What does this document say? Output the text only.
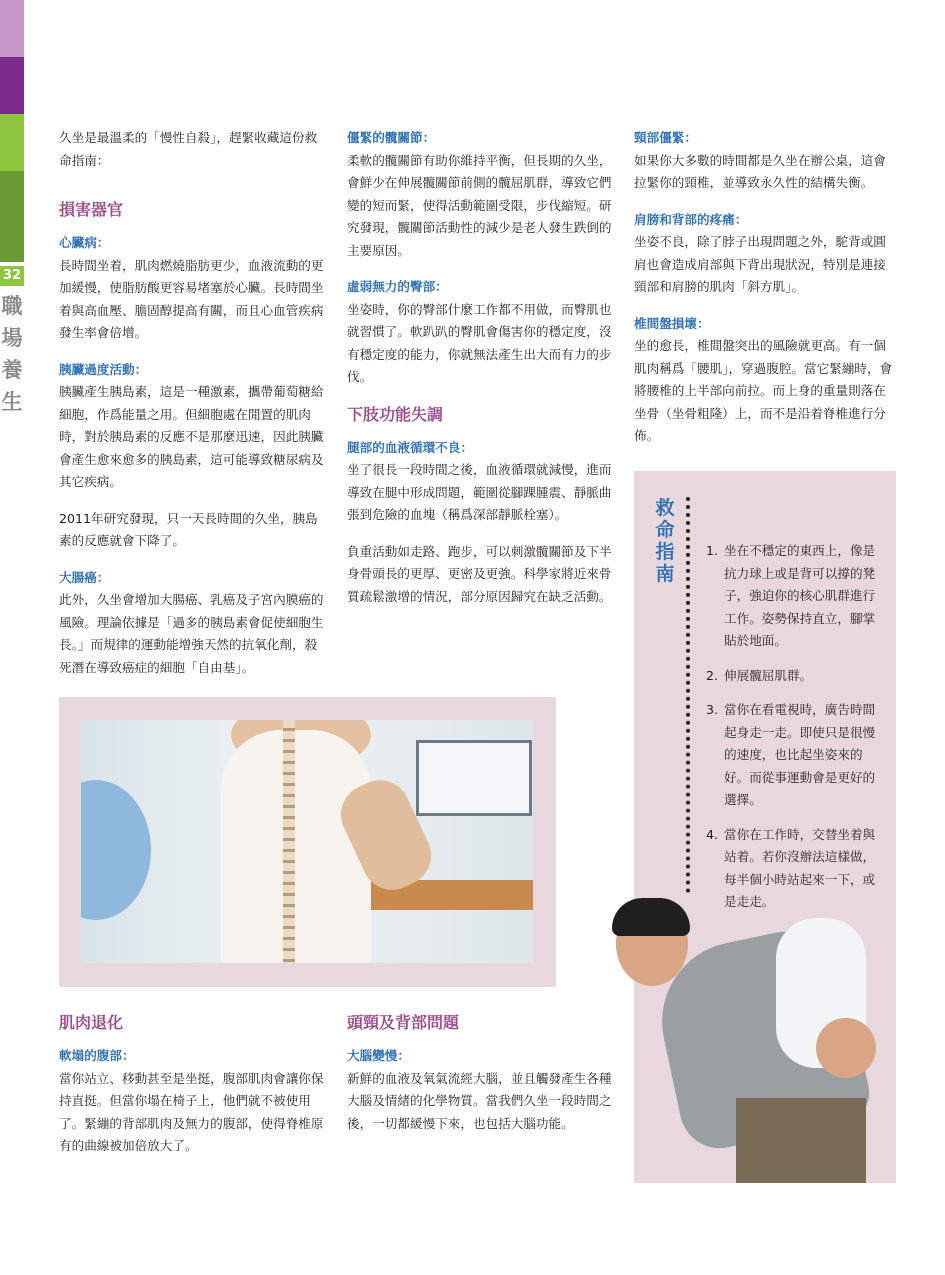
32
職場養生

久坐是最溫柔的「慢性自殺」，趕緊收藏這份救命指南：

損害器官
心臟病：

長時間坐着，肌肉燃燒脂肪更少，血液流動的更加緩慢，使脂肪酸更容易堵塞於心臟。長時間坐着與高血壓、膽固醇提高有關，而且心血管疾病發生率會倍增。

胰臟過度活動：

胰臟產生胰島素，這是一種激素，攜帶葡萄糖給細胞，作爲能量之用。但細胞處在閒置的肌肉時，對於胰島素的反應不是那麼迅速，因此胰臟會產生愈來愈多的胰島素，這可能導致糖尿病及其它疾病。

2011年研究發現，只一天長時間的久坐，胰島素的反應就會下降了。

大腸癌：

此外，久坐會增加大腸癌、乳癌及子宮內膜癌的風險。理論依據是「過多的胰島素會促使細胞生長。」而規律的運動能增強天然的抗氧化劑，殺死潛在導致癌症的細胞「自由基」。

僵緊的髖關節：

柔軟的髖關節有助你維持平衡，但長期的久坐，會鮮少在伸展髖關節前側的髖屈肌群，導致它們變的短而緊，使得活動範圍受限，步伐縮短。研究發現，髖關節活動性的減少是老人發生跌倒的主要原因。

虛弱無力的臀部：

坐姿時，你的臀部什麼工作都不用做，而臀肌也就習慣了。軟趴趴的臀肌會傷害你的穩定度，沒有穩定度的能力，你就無法產生出大而有力的步伐。

下肢功能失調
腿部的血液循環不良：

坐了很長一段時間之後，血液循環就減慢，進而導致在腿中形成問題，範圍從腳踝腫震、靜脈曲張到危險的血塊（稱爲深部靜脈栓塞）。

負重活動如走路、跑步，可以刺激髖關節及下半身骨頭長的更厚、更密及更強。科學家將近來骨質疏鬆激增的情況，部分原因歸究在缺乏活動。

頸部僵緊：

如果你大多數的時間都是久坐在辦公桌，這會拉緊你的頸椎，並導致永久性的結構失衡。

肩膀和背部的疼痛：

坐姿不良，除了脖子出現問題之外，駝背或圓肩也會造成肩部與下背出現狀況，特別是連接頸部和肩膀的肌肉「斜方肌」。

椎間盤損壞：

坐的愈長，椎間盤突出的風險就更高。有一個肌肉稱爲「腰肌」，穿過腹腔。當它緊繃時，會將腰椎的上半部向前拉。而上身的重量則落在坐骨（坐骨粗隆）上，而不是沿着脊椎進行分佈。

救命指南
1. 坐在不穩定的東西上，像是抗力球上或是背可以撐的凳子，強迫你的核心肌群進行工作。姿勢保持直立，腳掌貼於地面。
2. 伸展髖屈肌群。
3. 當你在看電視時，廣告時間起身走一走。即使只是很慢的速度，也比起坐姿來的好。而從事運動會是更好的選擇。
4. 當你在工作時，交替坐着與站着。若你沒辦法這樣做，每半個小時站起來一下，或是走走。
肌肉退化
軟塌的腹部：

當你站立、移動甚至是坐挺，腹部肌肉會讓你保持直挺。但當你塌在椅子上，他們就不被使用了。緊繃的背部肌肉及無力的腹部，使得脊椎原有的曲線被加倍放大了。

頭頸及背部問題
大腦變慢：

新鮮的血液及氧氣流經大腦，並且觸發產生各種大腦及情緒的化學物質。當我們久坐一段時間之後，一切都緩慢下來，也包括大腦功能。
